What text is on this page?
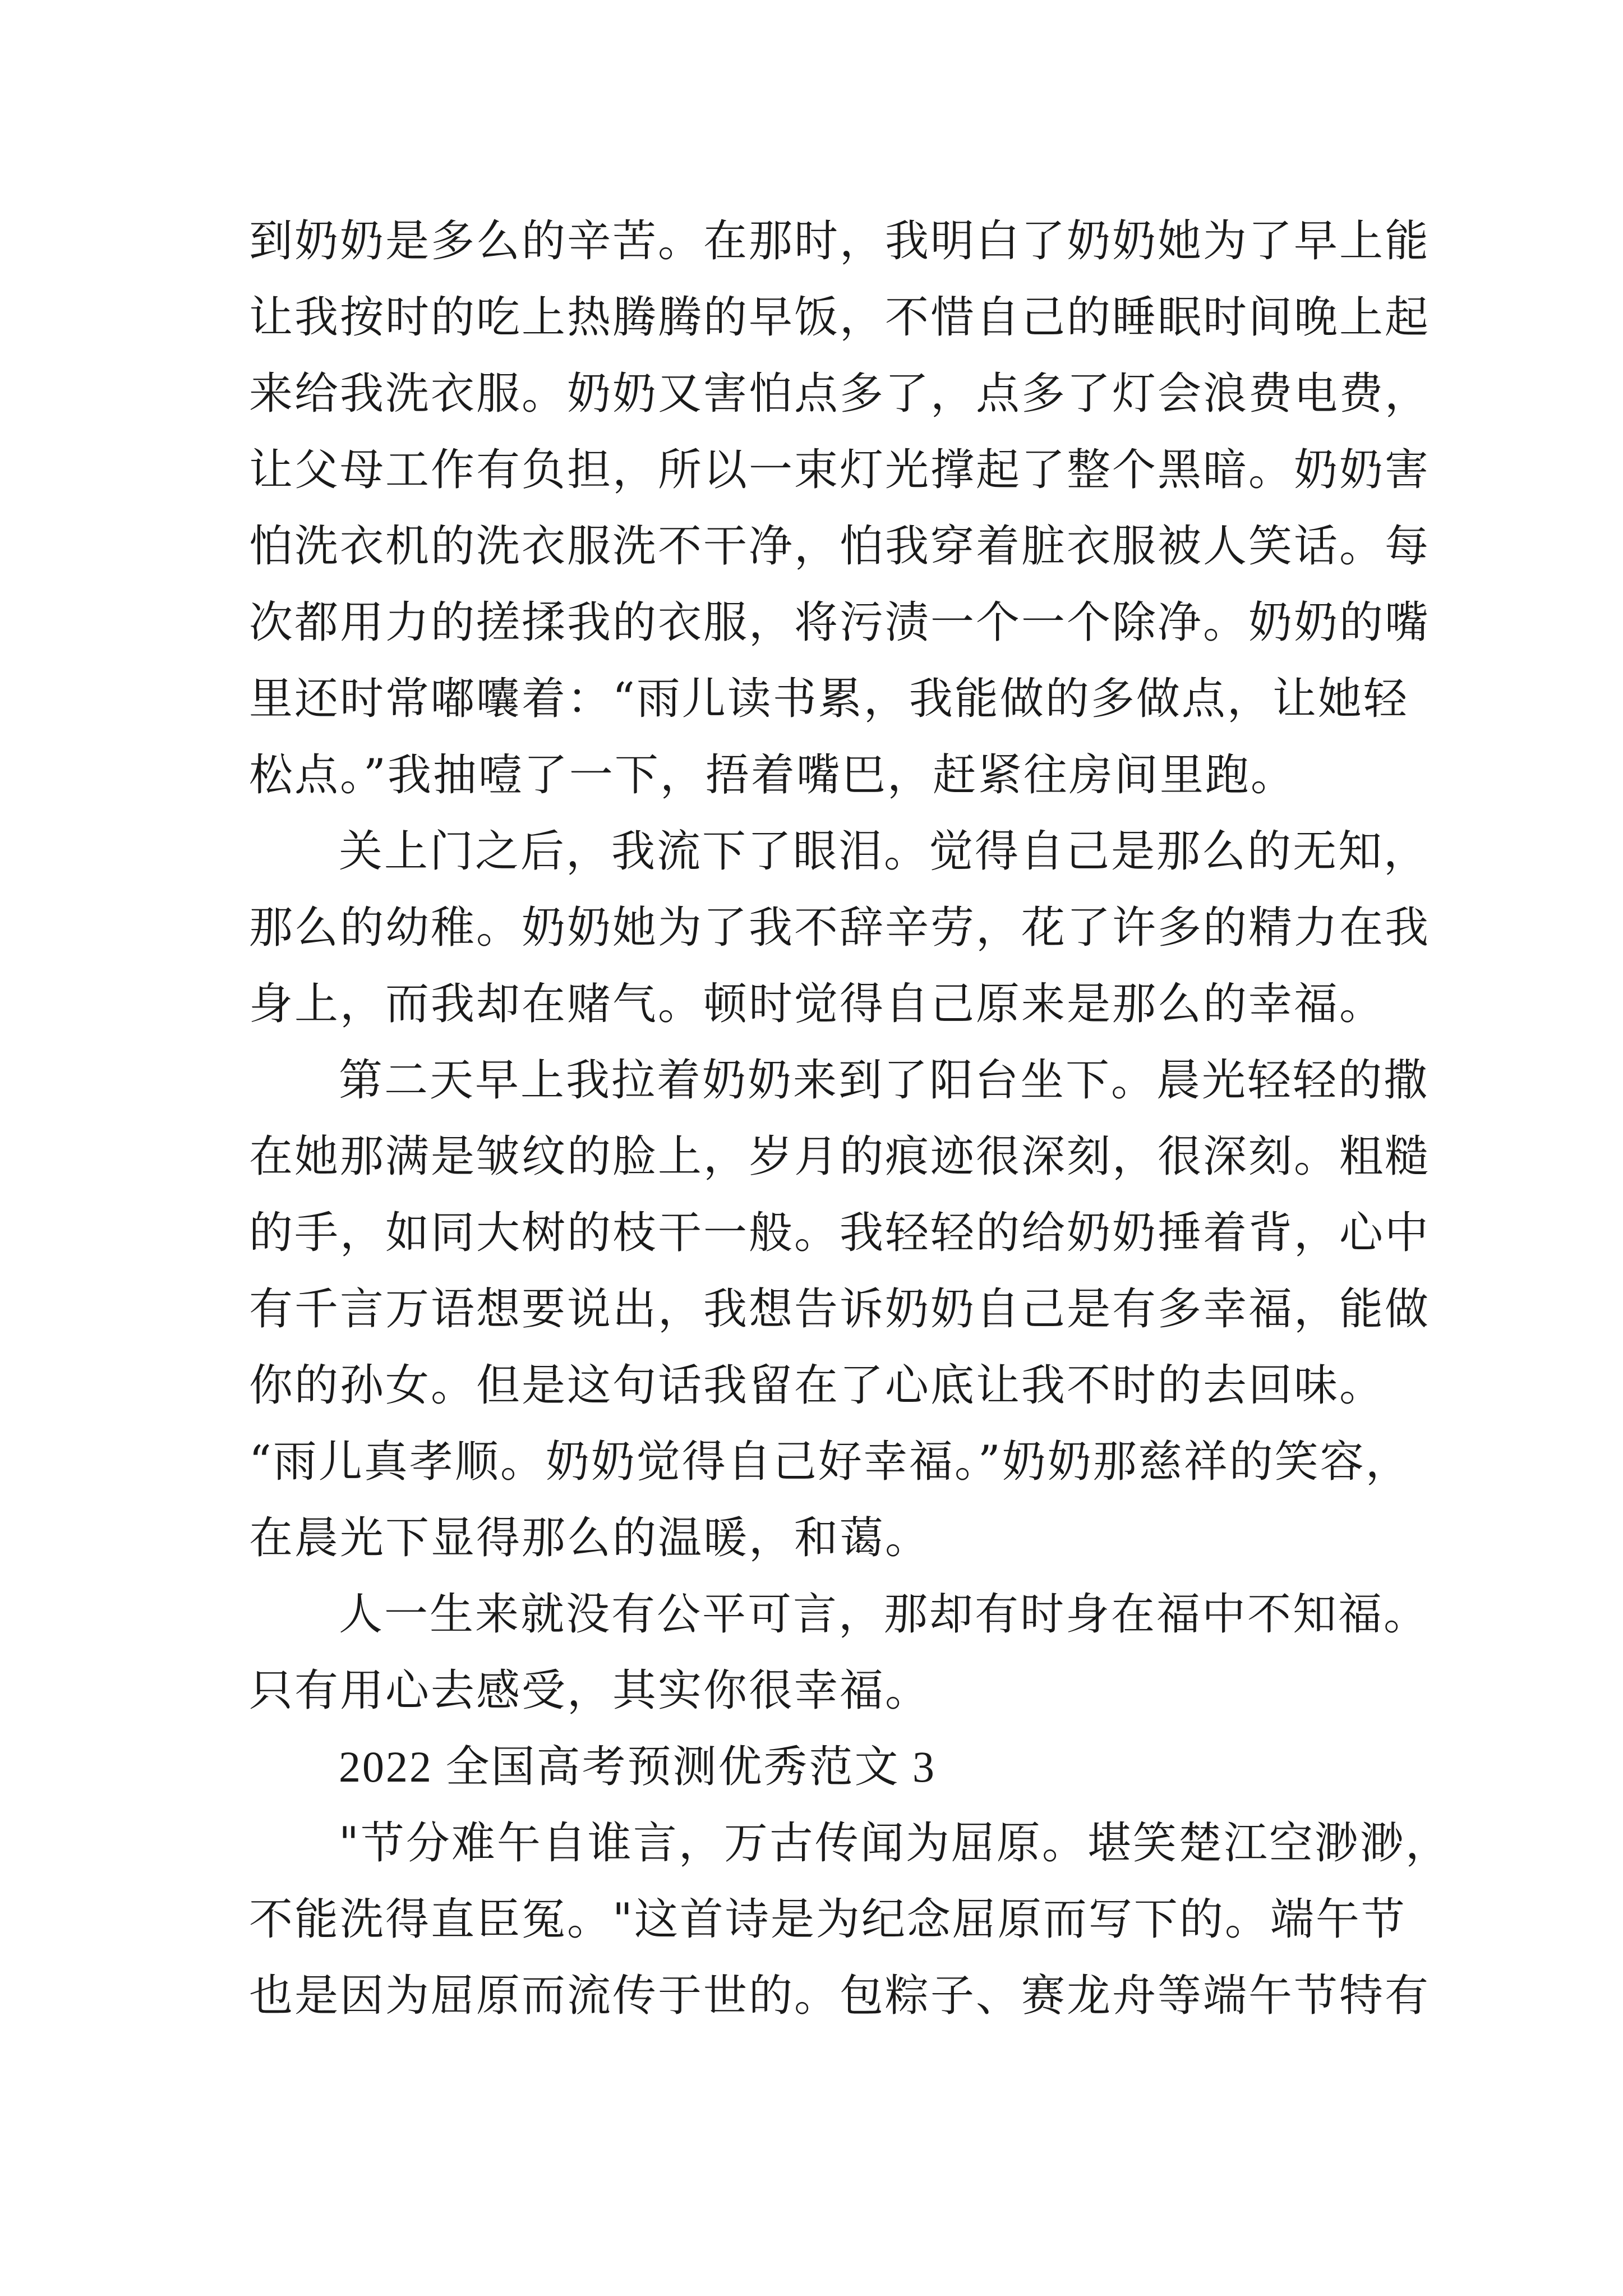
到奶奶是多么的辛苦。在那时，我明白了奶奶她为了早上能
让我按时的吃上热腾腾的早饭，不惜自己的睡眠时间晚上起
来给我洗衣服。奶奶又害怕点多了，点多了灯会浪费电费，
让父母工作有负担，所以一束灯光撑起了整个黑暗。奶奶害
怕洗衣机的洗衣服洗不干净，怕我穿着脏衣服被人笑话。每
次都用力的搓揉我的衣服，将污渍一个一个除净。奶奶的嘴
里还时常嘟囔着：“雨儿读书累，我能做的多做点，让她轻
松点。”我抽噎了一下，捂着嘴巴，赶紧往房间里跑。
关上门之后，我流下了眼泪。觉得自己是那么的无知，
那么的幼稚。奶奶她为了我不辞辛劳，花了许多的精力在我
身上，而我却在赌气。顿时觉得自己原来是那么的幸福。
第二天早上我拉着奶奶来到了阳台坐下。晨光轻轻的撒
在她那满是皱纹的脸上，岁月的痕迹很深刻，很深刻。粗糙
的手，如同大树的枝干一般。我轻轻的给奶奶捶着背，心中
有千言万语想要说出，我想告诉奶奶自己是有多幸福，能做
你的孙女。但是这句话我留在了心底让我不时的去回味。
“雨儿真孝顺。奶奶觉得自己好幸福。”奶奶那慈祥的笑容，
在晨光下显得那么的温暖，和蔼。
人一生来就没有公平可言，那却有时身在福中不知福。
只有用心去感受，其实你很幸福。
2022 全国高考预测优秀范文 3
"节分难午自谁言，万古传闻为屈原。堪笑楚江空渺渺，
不能洗得直臣冤。"这首诗是为纪念屈原而写下的。端午节
也是因为屈原而流传于世的。包粽子、赛龙舟等端午节特有
